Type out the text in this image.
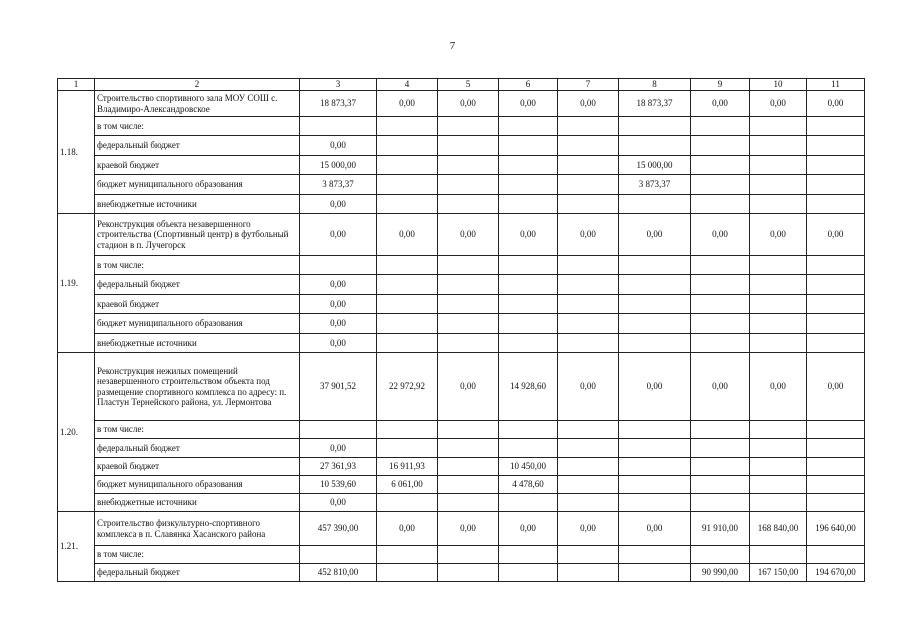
7
1	2	3	4	5	6	7	8	9	10	11
1.18.	Строительство спортивного зала МОУ СОШ с. Владимиро-Александровское	18 873,37	0,00	0,00	0,00	0,00	18 873,37	0,00	0,00	0,00
	в том числе:									
	федеральный бюджет	0,00								
	краевой бюджет	15 000,00					15 000,00			
	бюджет муниципального образования	3 873,37					3 873,37			
	внебюджетные источники	0,00								
1.19.	Реконструкция объекта незавершенного строительства (Спортивный центр) в футбольный стадион в п. Лучегорск	0,00	0,00	0,00	0,00	0,00	0,00	0,00	0,00	0,00
	в том числе:									
	федеральный бюджет	0,00								
	краевой бюджет	0,00								
	бюджет муниципального образования	0,00								
	внебюджетные источники	0,00								
1.20.	Реконструкция нежилых помещений незавершенного строительством объекта под размещение спортивного комплекса по адресу: п. Пластун Тернейского района, ул. Лермонтова	37 901,52	22 972,92	0,00	14 928,60	0,00	0,00	0,00	0,00	0,00
	в том числе:									
	федеральный бюджет	0,00								
	краевой бюджет	27 361,93	16 911,93		10 450,00					
	бюджет муниципального образования	10 539,60	6 061,00		4 478,60					
	внебюджетные источники	0,00								
1.21.	Строительство физкультурно-спортивного комплекса в п. Славянка Хасанского района	457 390,00	0,00	0,00	0,00	0,00	0,00	91 910,00	168 840,00	196 640,00
	в том числе:									
	федеральный бюджет	452 810,00						90 990,00	167 150,00	194 670,00
